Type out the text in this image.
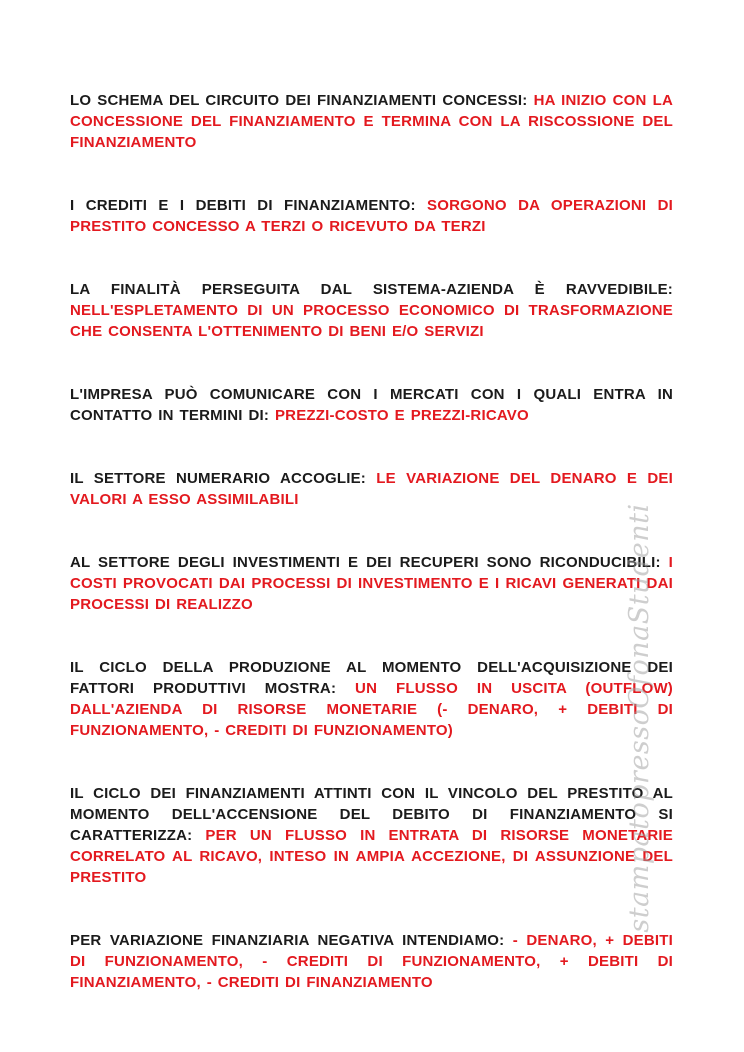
LO SCHEMA DEL CIRCUITO DEI FINANZIAMENTI CONCESSI: HA INIZIO CON LA CONCESSIONE DEL FINANZIAMENTO E TERMINA CON LA RISCOSSIONE DEL FINANZIAMENTO

I CREDITI E I DEBITI DI FINANZIAMENTO: SORGONO DA OPERAZIONI DI PRESTITO CONCESSO A TERZI O RICEVUTO DA TERZI

LA FINALITÀ PERSEGUITA DAL SISTEMA-AZIENDA È RAVVEDIBILE: NELL'ESPLETAMENTO DI UN PROCESSO ECONOMICO DI TRASFORMAZIONE CHE CONSENTA L'OTTENIMENTO DI BENI E/O SERVIZI

L'IMPRESA PUÒ COMUNICARE CON I MERCATI CON I QUALI ENTRA IN CONTATTO IN TERMINI DI: PREZZI-COSTO E PREZZI-RICAVO

IL SETTORE NUMERARIO ACCOGLIE: LE VARIAZIONE DEL DENARO E DEI VALORI A ESSO ASSIMILABILI

AL SETTORE DEGLI INVESTIMENTI E DEI RECUPERI SONO RICONDUCIBILI: I COSTI PROVOCATI DAI PROCESSI DI INVESTIMENTO E I RICAVI GENERATI DAI PROCESSI DI REALIZZO

IL CICLO DELLA PRODUZIONE AL MOMENTO DELL'ACQUISIZIONE DEI FATTORI PRODUTTIVI MOSTRA: UN FLUSSO IN USCITA (OUTFLOW) DALL'AZIENDA DI RISORSE MONETARIE (- DENARO, + DEBITI DI FUNZIONAMENTO, - CREDITI DI FUNZIONAMENTO)

IL CICLO DEI FINANZIAMENTI ATTINTI CON IL VINCOLO DEL PRESTITO AL MOMENTO DELL'ACCENSIONE DEL DEBITO DI FINANZIAMENTO SI CARATTERIZZA: PER UN FLUSSO IN ENTRATA DI RISORSE MONETARIE CORRELATO AL RICAVO, INTESO IN AMPIA ACCEZIONE, DI ASSUNZIONE DEL PRESTITO

PER VARIAZIONE FINANZIARIA NEGATIVA INTENDIAMO: - DENARO, + DEBITI DI FUNZIONAMENTO, - CREDITI DI FUNZIONAMENTO, + DEBITI DI FINANZIAMENTO, - CREDITI DI FINANZIAMENTO

stampatopressoOfonaStudenti
